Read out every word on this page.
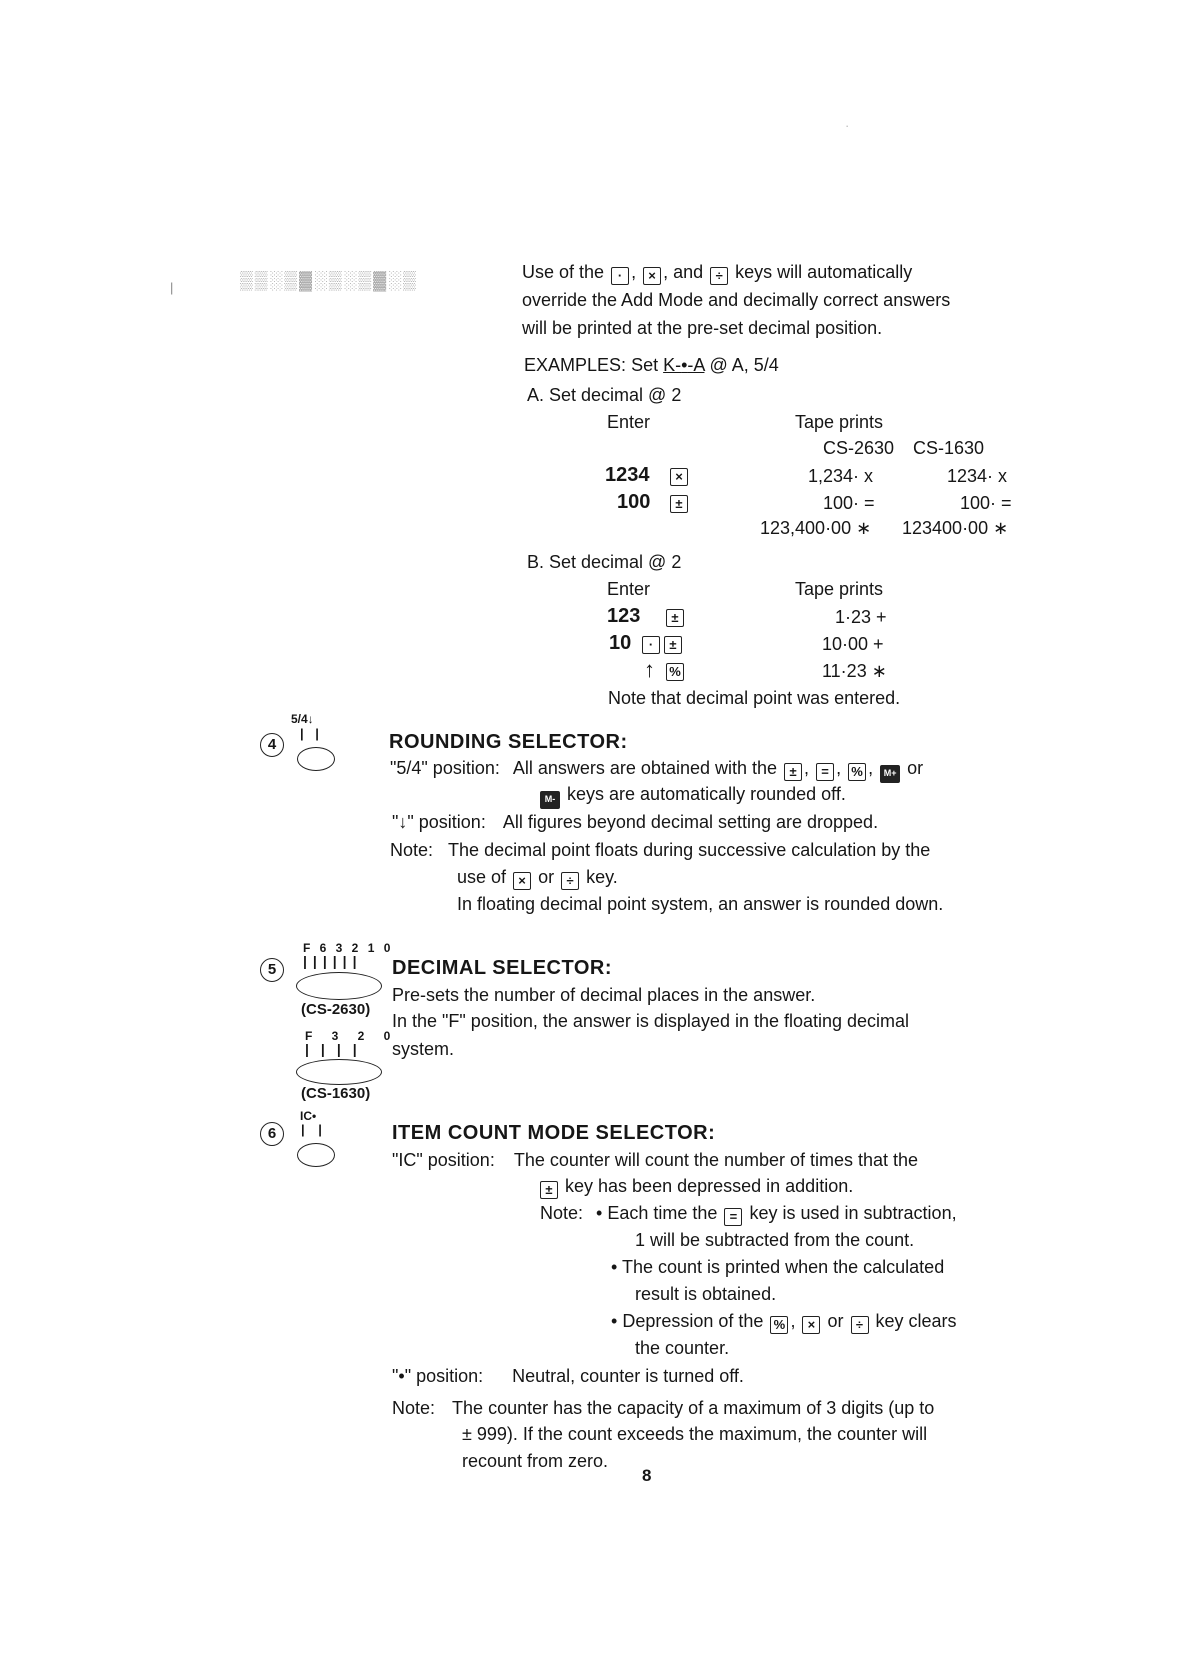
▒▒░▒▓░▒░▒▓░▒
·
|
Use of the · , × , and ÷ keys will automatically
override the Add Mode and decimally correct answers
will be printed at the pre-set decimal position.
EXAMPLES: Set K-•-A @ A, 5/4
A. Set decimal @ 2
Enter	Tape prints
CS-2630 CS-1630
1234	×	1,234· x	1234· x
100	±	100· =	100· =
123,400·00 ∗ 123400·00 ∗
B. Set decimal @ 2
Enter	Tape prints
123	±	1·23 +
10	·	±	10·00 +
↑ %	11·23 ∗
Note that decimal point was entered.
5/4↓
| |
4	ROUNDING SELECTOR:
"5/4" position: All answers are obtained with the ± , = , % , M+ or
M- keys are automatically rounded off.
"↓" position: All figures beyond decimal setting are dropped.
Note: The decimal point floats during successive calculation by the
use of × or ÷ key.
In floating decimal point system, an answer is rounded down.
F 6 3 2 1 0
||||||
(CS-2630)
5
F 3 2 0
||||
(CS-1630)
DECIMAL SELECTOR:
Pre-sets the number of decimal places in the answer.
In the "F" position, the answer is displayed in the floating decimal
system.
IC•
| |
6	ITEM COUNT MODE SELECTOR:
"IC" position: The counter will count the number of times that the
± key has been depressed in addition.
Note: • Each time the = key is used in subtraction,
1 will be subtracted from the count.
• The count is printed when the calculated
result is obtained.
• Depression of the % , × or ÷ key clears
the counter.
"•" position: Neutral, counter is turned off.
Note: The counter has the capacity of a maximum of 3 digits (up to
± 999). If the count exceeds the maximum, the counter will
recount from zero.
8
